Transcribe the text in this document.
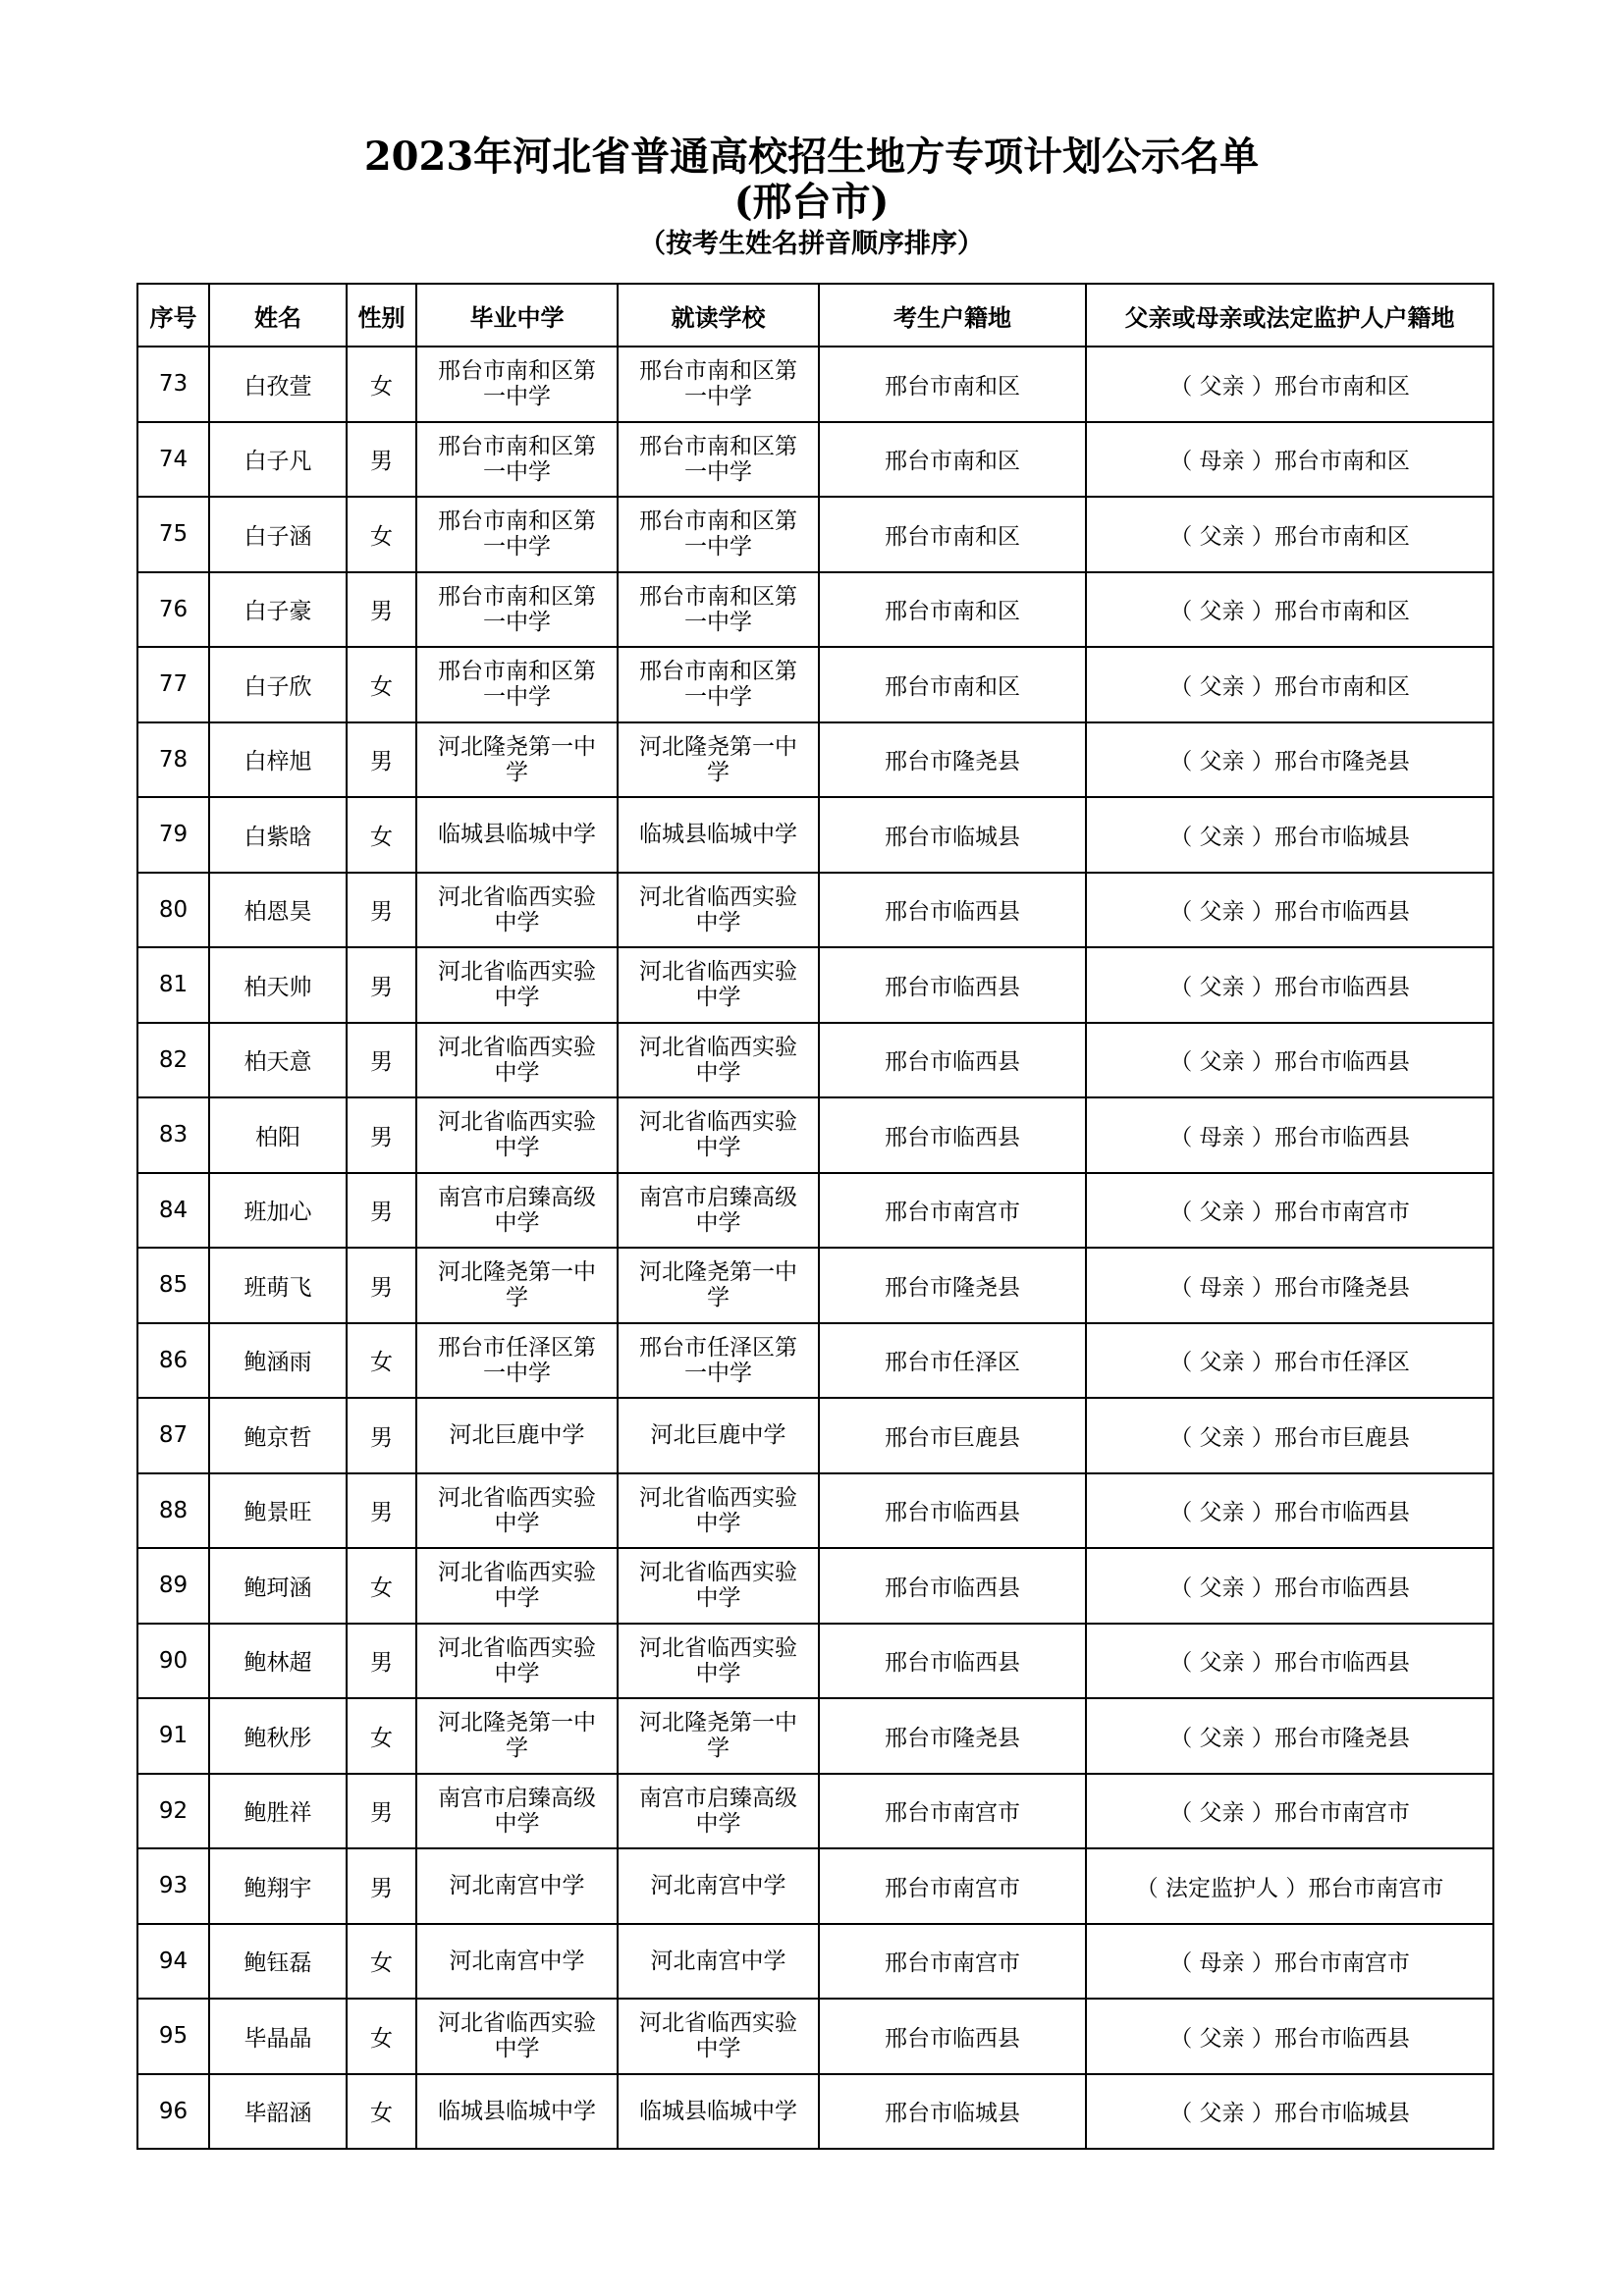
2023年河北省普通高校招生地方专项计划公示名单
(邢台市)
（按考生姓名拼音顺序排序）
序号	姓名	性别	毕业中学	就读学校	考生户籍地	父亲或母亲或法定监护人户籍地
73	白孜萱	女	邢台市南和区第
一中学	邢台市南和区第
一中学	邢台市南和区	（ 父亲 ）邢台市南和区
74	白子凡	男	邢台市南和区第
一中学	邢台市南和区第
一中学	邢台市南和区	（ 母亲 ）邢台市南和区
75	白子涵	女	邢台市南和区第
一中学	邢台市南和区第
一中学	邢台市南和区	（ 父亲 ）邢台市南和区
76	白子豪	男	邢台市南和区第
一中学	邢台市南和区第
一中学	邢台市南和区	（ 父亲 ）邢台市南和区
77	白子欣	女	邢台市南和区第
一中学	邢台市南和区第
一中学	邢台市南和区	（ 父亲 ）邢台市南和区
78	白梓旭	男	河北隆尧第一中
学	河北隆尧第一中
学	邢台市隆尧县	（ 父亲 ）邢台市隆尧县
79	白紫晗	女	临城县临城中学	临城县临城中学	邢台市临城县	（ 父亲 ）邢台市临城县
80	柏恩昊	男	河北省临西实验
中学	河北省临西实验
中学	邢台市临西县	（ 父亲 ）邢台市临西县
81	柏天帅	男	河北省临西实验
中学	河北省临西实验
中学	邢台市临西县	（ 父亲 ）邢台市临西县
82	柏天意	男	河北省临西实验
中学	河北省临西实验
中学	邢台市临西县	（ 父亲 ）邢台市临西县
83	柏阳	男	河北省临西实验
中学	河北省临西实验
中学	邢台市临西县	（ 母亲 ）邢台市临西县
84	班加心	男	南宫市启臻高级
中学	南宫市启臻高级
中学	邢台市南宫市	（ 父亲 ）邢台市南宫市
85	班萌飞	男	河北隆尧第一中
学	河北隆尧第一中
学	邢台市隆尧县	（ 母亲 ）邢台市隆尧县
86	鲍涵雨	女	邢台市任泽区第
一中学	邢台市任泽区第
一中学	邢台市任泽区	（ 父亲 ）邢台市任泽区
87	鲍京哲	男	河北巨鹿中学	河北巨鹿中学	邢台市巨鹿县	（ 父亲 ）邢台市巨鹿县
88	鲍景旺	男	河北省临西实验
中学	河北省临西实验
中学	邢台市临西县	（ 父亲 ）邢台市临西县
89	鲍珂涵	女	河北省临西实验
中学	河北省临西实验
中学	邢台市临西县	（ 父亲 ）邢台市临西县
90	鲍林超	男	河北省临西实验
中学	河北省临西实验
中学	邢台市临西县	（ 父亲 ）邢台市临西县
91	鲍秋彤	女	河北隆尧第一中
学	河北隆尧第一中
学	邢台市隆尧县	（ 父亲 ）邢台市隆尧县
92	鲍胜祥	男	南宫市启臻高级
中学	南宫市启臻高级
中学	邢台市南宫市	（ 父亲 ）邢台市南宫市
93	鲍翔宇	男	河北南宫中学	河北南宫中学	邢台市南宫市	（ 法定监护人 ）邢台市南宫市
94	鲍钰磊	女	河北南宫中学	河北南宫中学	邢台市南宫市	（ 母亲 ）邢台市南宫市
95	毕晶晶	女	河北省临西实验
中学	河北省临西实验
中学	邢台市临西县	（ 父亲 ）邢台市临西县
96	毕韶涵	女	临城县临城中学	临城县临城中学	邢台市临城县	（ 父亲 ）邢台市临城县
